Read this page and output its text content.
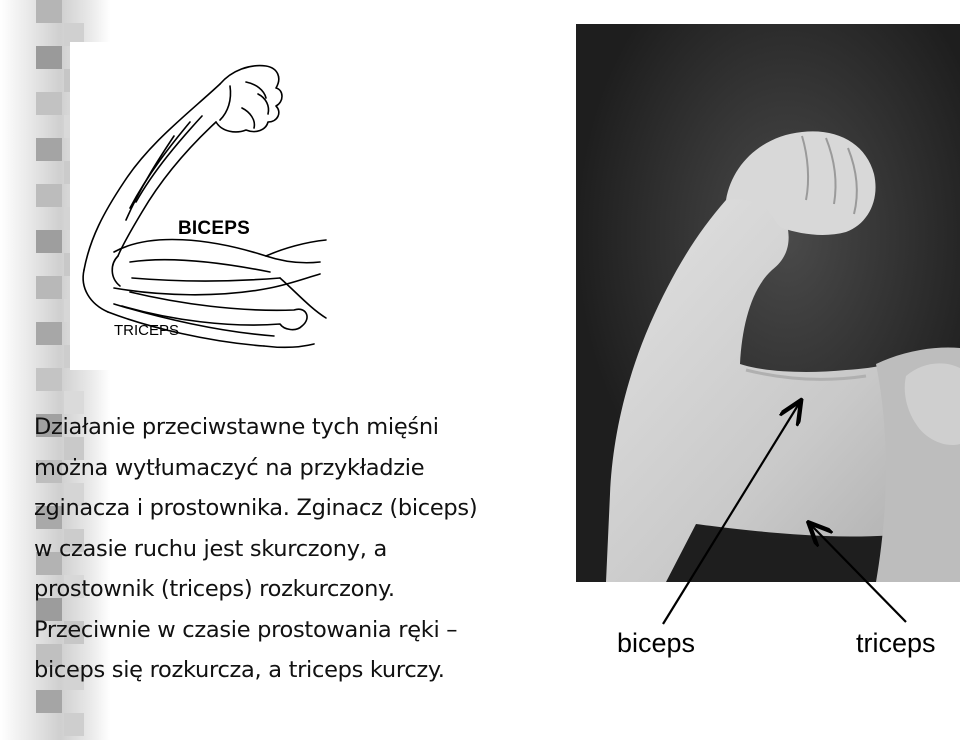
BICEPS
TRICEPS
Działanie przeciwstawne tych mięśni
można wytłumaczyć na przykładzie
zginacza i prostownika. Zginacz (biceps)
w czasie ruchu jest skurczony, a
prostownik (triceps) rozkurczony.
Przeciwnie w czasie prostowania ręki –
biceps się rozkurcza, a triceps kurczy.
biceps	triceps
